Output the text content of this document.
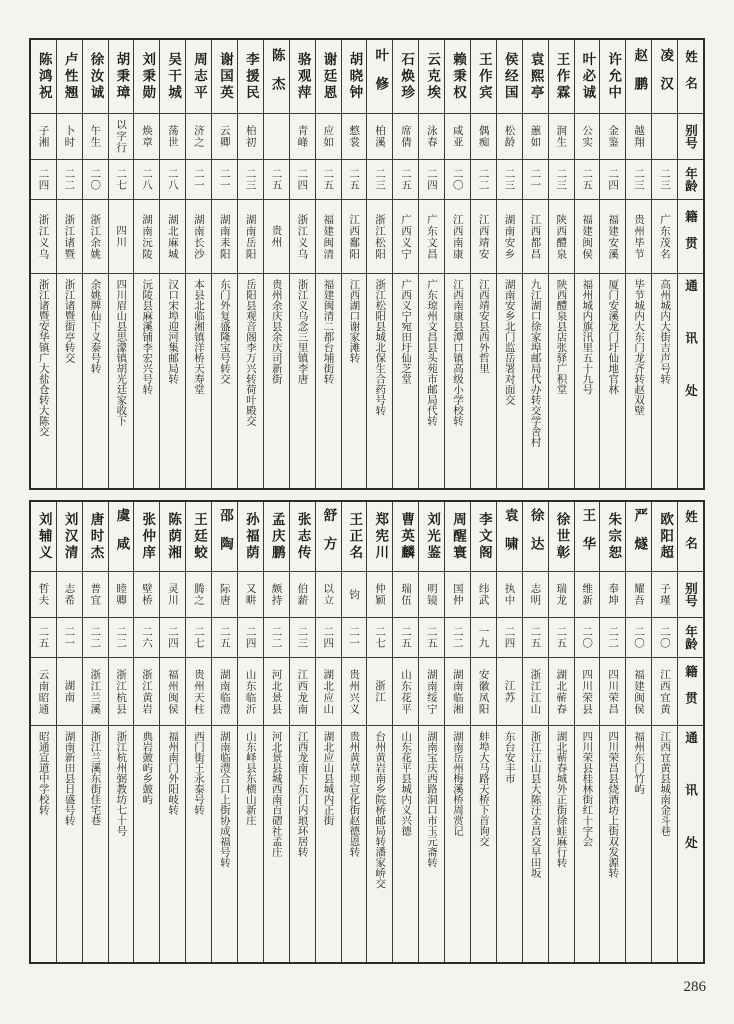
姓名
别号
年龄
籍贯
通讯处
凌汉
二三
广东茂名
高州城内大街吉声号转
赵鹏
越翔
二三
贵州毕节
毕节城内大东门龙齐转赵双壁
许允中
金鉴
二四
福建安溪
厦门安溪龙门圩仙地官林
叶必诚
公实
二五
福建闽侯
福州城内旗汛里五十九号
王作霖
润生
二三
陕西醴泉
陕西醴泉县店张驿广积堂
袁熙亭
蕙如
二一
江西都昌
九江湖口徐家埠邮局代办转交学舍村
侯经国
松龄
二三
湖南安乡
湖南安乡北门监岳署对面交
王作宾
偶痴
二二
江西靖安
江西靖安县西外哲里
赖秉权
咸亚
二〇
江西南康
江西南康县潭口镇高级小学校转
云克埃
泳春
二四
广东文昌
广东琼州文昌县头苑市邮局代转
石焕珍
席倩
二五
广西义宁
广西义宁宛田圩仙芝堂
叶修
柏溪
二三
浙江松阳
浙江松阳县城北保生合药号转
胡晓钟
憗裳
二五
江西鄱阳
江西湖口谢家滩转
谢廷恩
应如
二五
福建闽清
福建闽清二都台埔街转
骆观萍
青峰
二四
浙江义乌
浙江义乌念三里镇李唐
陈杰
二五
贵州
贵州余庆县余庆司新街
李援民
柏初
二三
湖南岳阳
岳阳县观音阁李万兴转荷叶殿交
谢国英
云卿
二一
湖南耒阳
东门外复盛隆宝号转交
周志平
济之
二一
湖南长沙
本县北临湘镇洋桥天寿堂
吴干城
荡世
二八
湖北麻城
汉口宋埠迎河集邮局转
刘秉勋
焕章
二八
湖南沅陵
沅陵县麻溪铺李宏兴号转
胡秉璋
以字行
二七
四川
四川眉山县思濛镇胡光廷家收下
徐汝诚
午生
二〇
浙江余姚
余姚牌仙下义泰号转
卢性翘
卜时
二二
浙江诸暨
浙江诸暨街亭转交
陈鸿祝
子湘
二四
浙江义乌
浙江诸暨安华镇广大盐仓转大陈交
姓名
别号
年龄
籍贯
通讯处
欧阳超
子瑾
二〇
江西宜黄
江西宜黄县城南金斗巷
严燧
耀吾
二〇
福建闽侯
福州东门竹屿
朱宗恕
奉坤
二二
四川荣昌
四川荣昌县烧酒坊上街双发源转
王华
维新
二〇
四川荣县
四川荣县桂林街红十字会
徐世彰
瑞龙
二五
湖北蕲春
湖北蕲春城外正街徐蛙麻行转
徐达
志明
二五
浙江江山
浙江江山县大陈汪全昌交早田坂
袁啸
执中
二四
江苏
东台安丰市
李文阁
纬武
一九
安徽凤阳
蚌埠大马路天桥下首询交
周醒寰
国仲
二二
湖南临湘
湖南岳州梅溪桥周赏记
刘光鉴
明镜
二五
湖南绥宁
湖南宝庆西路洞口市玉元斋转
曹英麟
瑞伍
二五
山东花平
山东花平县城内义兴德
郑宪川
仲颖
二七
浙江
台州黄岩南乡院桥邮局转潘家峤交
王正名
钧
二一
贵州兴义
贵州黄草坝宣化街赵德恩转
舒方
以立
二四
湖北应山
湖北应山县城内正街
张志传
伯薪
二三
江西龙南
江西龙南下东门内琅环居转
孟庆鹏
颇持
二二
河北景县
河北景县城西南百磖社孟庄
孙福荫
又畊
二四
山东临沂
山东峄县东横山新庄
邵陶
际唐
二五
湖南临澧
湖南临澧合口上街协成福号转
王廷蛟
腾之
二七
贵州天柱
西门街王永泰号转
陈荫湘
灵川
二四
福州闽侯
福州南门外阳岐转
张仲庠
壁桥
二六
浙江黄岩
典岩皷屿乡皷屿
虞咸
睦卿
二二
浙江杭县
浙江杭州弼教坊七十号
唐时杰
普宜
二二
浙江兰溪
浙江兰溪东街佳宅巷
刘汉清
志希
二一
湖南
湖南新田县日盛号转
刘辅义
哲夫
二五
云南昭通
昭通宣道中学校转
286
